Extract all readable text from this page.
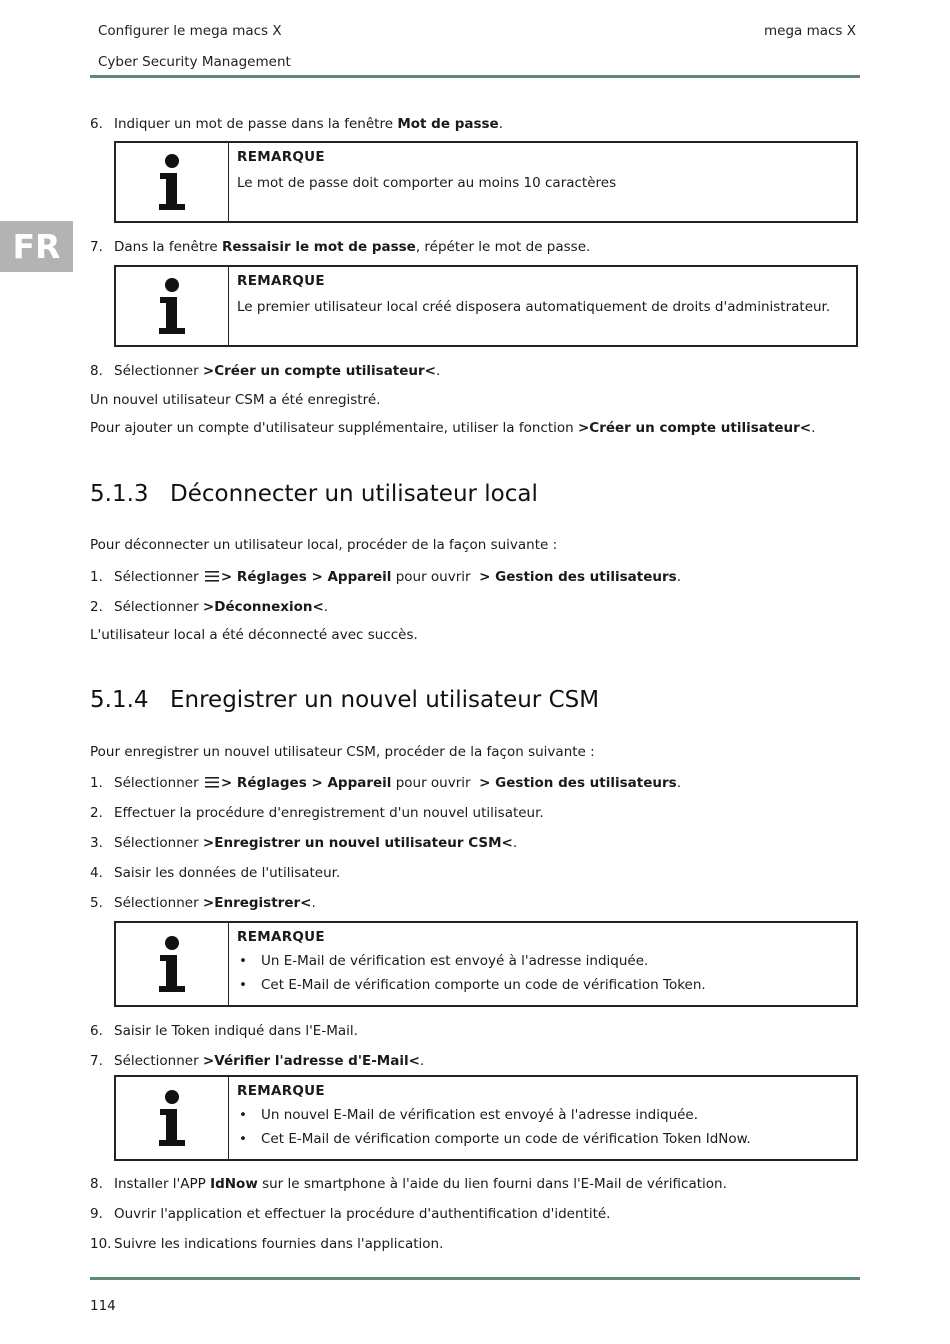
Configurer le mega macs X
Cyber Security Management
mega macs X
FR
6. Indiquer un mot de passe dans la fenêtre Mot de passe.
REMARQUE
Le mot de passe doit comporter au moins 10 caractères
7. Dans la fenêtre Ressaisir le mot de passe, répéter le mot de passe.
REMARQUE
Le premier utilisateur local créé disposera automatiquement de droits d'administrateur.
8. Sélectionner >Créer un compte utilisateur<.
Un nouvel utilisateur CSM a été enregistré.
Pour ajouter un compte d'utilisateur supplémentaire, utiliser la fonction >Créer un compte utilisateur<.
5.1.3 Déconnecter un utilisateur local
Pour déconnecter un utilisateur local, procéder de la façon suivante :
1. Sélectionner > Réglages > Appareil pour ouvrir  > Gestion des utilisateurs.
2. Sélectionner >Déconnexion<.
L'utilisateur local a été déconnecté avec succès.
5.1.4 Enregistrer un nouvel utilisateur CSM
Pour enregistrer un nouvel utilisateur CSM, procéder de la façon suivante :
1. Sélectionner > Réglages > Appareil pour ouvrir  > Gestion des utilisateurs.
2. Effectuer la procédure d'enregistrement d'un nouvel utilisateur.
3. Sélectionner >Enregistrer un nouvel utilisateur CSM<.
4. Saisir les données de l'utilisateur.
5. Sélectionner >Enregistrer<.
REMARQUE
• Un E-Mail de vérification est envoyé à l'adresse indiquée.
• Cet E-Mail de vérification comporte un code de vérification Token.
6. Saisir le Token indiqué dans l'E-Mail.
7. Sélectionner >Vérifier l'adresse d'E-Mail<.
REMARQUE
• Un nouvel E-Mail de vérification est envoyé à l'adresse indiquée.
• Cet E-Mail de vérification comporte un code de vérification Token IdNow.
8. Installer l'APP IdNow sur le smartphone à l'aide du lien fourni dans l'E-Mail de vérification.
9. Ouvrir l'application et effectuer la procédure d'authentification d'identité.
10. Suivre les indications fournies dans l'application.
114
